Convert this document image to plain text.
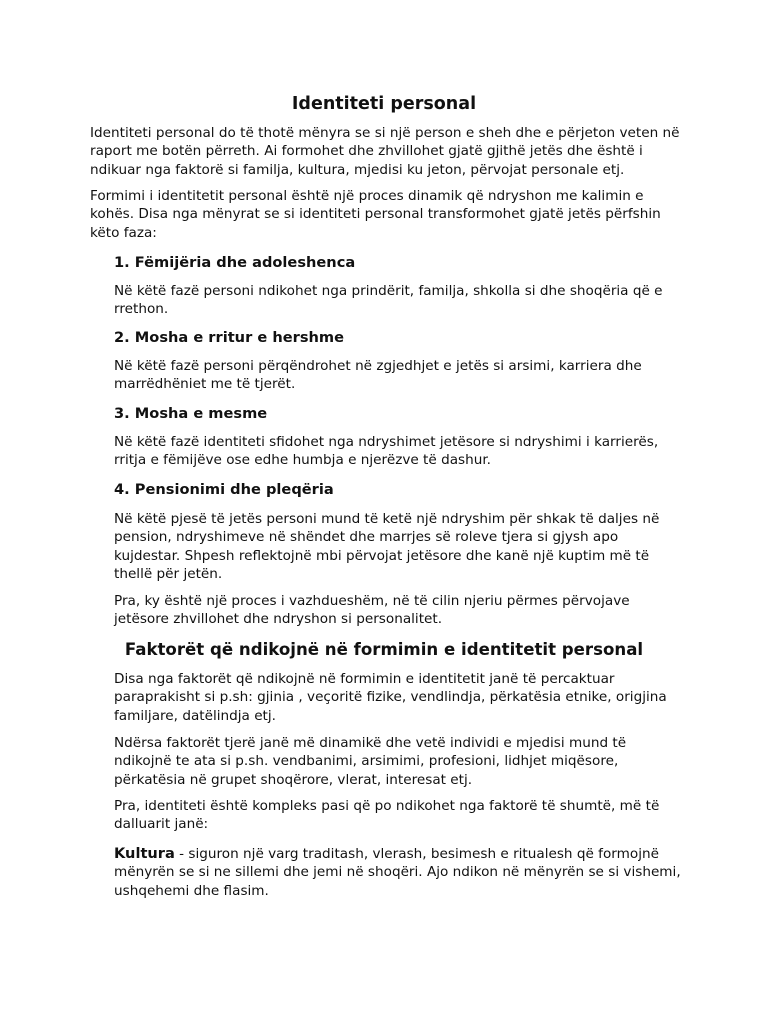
Identiteti personal

Identiteti personal do të thotë mënyra se si një person e sheh dhe e përjeton veten në raport me botën përreth. Ai formohet dhe zhvillohet gjatë gjithë jetës dhe është i ndikuar nga faktorë si familja, kultura, mjedisi ku jeton, përvojat personale etj.

Formimi i identitetit personal është një proces dinamik që ndryshon me kalimin e kohës. Disa nga mënyrat se si identiteti personal transformohet gjatë jetës përfshin këto faza:

1. Fëmijëria dhe adoleshenca

Në këtë fazë personi ndikohet nga prindërit, familja, shkolla si dhe shoqëria që e rrethon.

2. Mosha e rritur e hershme

Në këtë fazë personi përqëndrohet në zgjedhjet e jetës si arsimi, karriera dhe marrëdhëniet me të tjerët.

3. Mosha e mesme

Në këtë fazë identiteti sfidohet nga ndryshimet jetësore si ndryshimi i karrierës, rritja e fëmijëve ose edhe humbja e njerëzve të dashur.

4. Pensionimi dhe pleqëria

Në këtë pjesë të jetës personi mund të ketë një ndryshim për shkak të daljes në pension, ndryshimeve në shëndet dhe marrjes së roleve tjera si gjysh apo kujdestar. Shpesh reflektojnë mbi përvojat jetësore dhe kanë një kuptim më të thellë për jetën.

Pra, ky është një proces i vazhdueshëm, në të cilin njeriu përmes përvojave jetësore zhvillohet dhe ndryshon si personalitet.

Faktorët që ndikojnë në formimin e identitetit personal

Disa nga faktorët që ndikojnë në formimin e identitetit janë të percaktuar paraprakisht si p.sh: gjinia , veçoritë fizike, vendlindja, përkatësia etnike, origjina familjare, datëlindja etj.

Ndërsa faktorët tjerë janë më dinamikë dhe vetë individi e mjedisi mund të ndikojnë te ata si p.sh. vendbanimi, arsimimi, profesioni, lidhjet miqësore, përkatësia në grupet shoqërore, vlerat, interesat etj.

Pra, identiteti është kompleks pasi që po ndikohet nga faktorë të shumtë, më të dalluarit janë:

Kultura - siguron një varg traditash, vlerash, besimesh e ritualesh që formojnë mënyrën se si ne sillemi dhe jemi në shoqëri. Ajo ndikon në mënyrën se si vishemi, ushqehemi dhe flasim.
